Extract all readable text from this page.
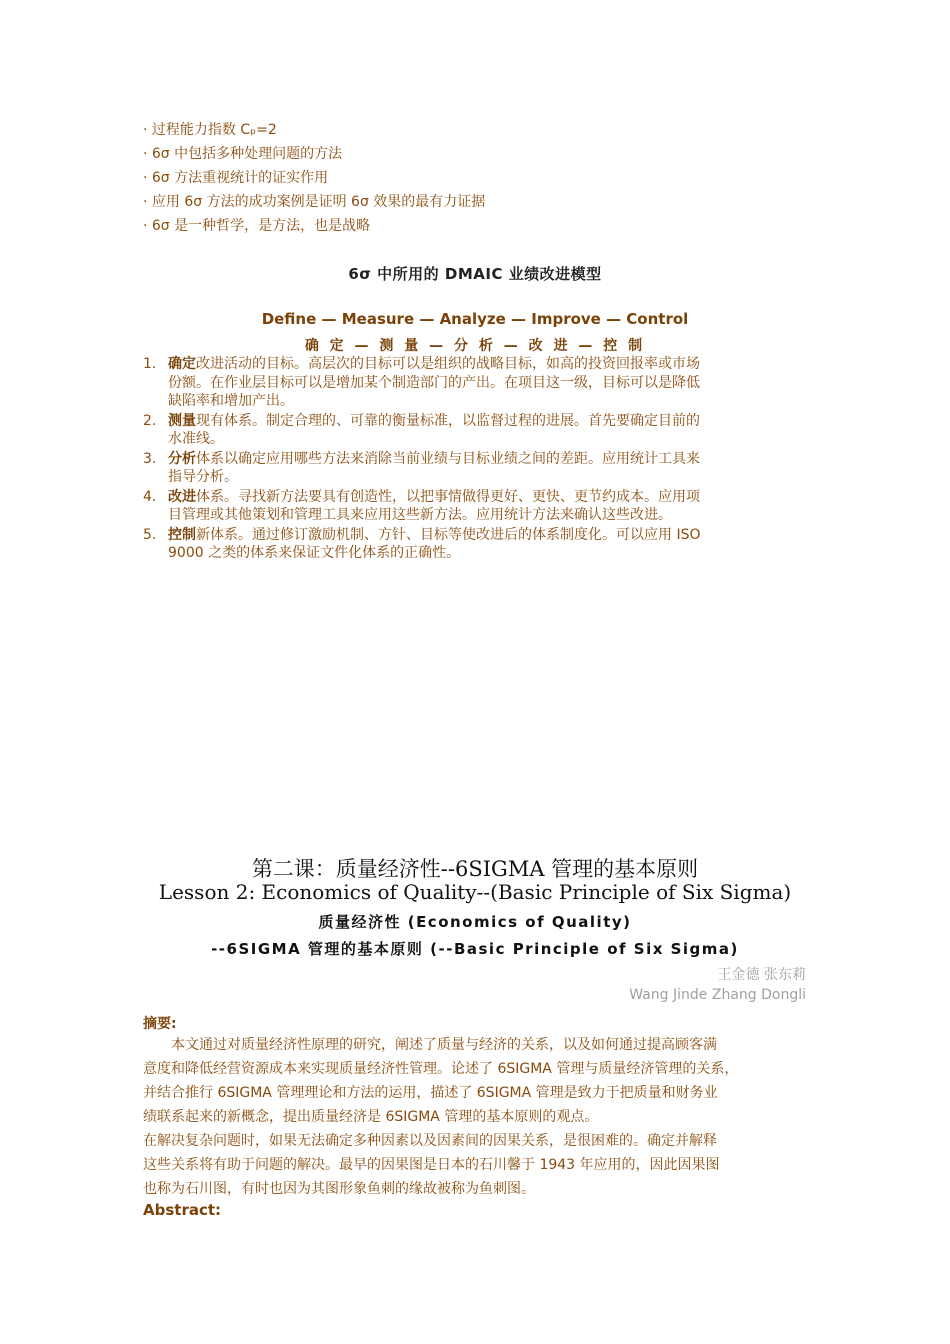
· 过程能力指数 Cₚ=2
· 6σ 中包括多种处理问题的方法
· 6σ 方法重视统计的证实作用
· 应用 6σ 方法的成功案例是证明 6σ 效果的最有力证据
· 6σ 是一种哲学，是方法，也是战略
6σ 中所用的 DMAIC 业绩改进模型
Define — Measure — Analyze — Improve — Control
确 定 — 测 量 — 分 析 — 改 进 — 控 制
1. 确定改进活动的目标。高层次的目标可以是组织的战略目标，如高的投资回报率或市场
份额。在作业层目标可以是增加某个制造部门的产出。在项目这一级，目标可以是降低
缺陷率和增加产出。
2. 测量现有体系。制定合理的、可靠的衡量标准，以监督过程的进展。首先要确定目前的
水准线。
3. 分析体系以确定应用哪些方法来消除当前业绩与目标业绩之间的差距。应用统计工具来
指导分析。
4. 改进体系。寻找新方法要具有创造性，以把事情做得更好、更快、更节约成本。应用项
目管理或其他策划和管理工具来应用这些新方法。应用统计方法来确认这些改进。
5. 控制新体系。通过修订激励机制、方针、目标等使改进后的体系制度化。可以应用 ISO
9000 之类的体系来保证文件化体系的正确性。
第二课：质量经济性--6SIGMA 管理的基本原则
Lesson 2: Economics of Quality--(Basic Principle of Six Sigma)
质量经济性 (Economics of Quality)
--6SIGMA 管理的基本原则 (--Basic Principle of Six Sigma)
王金德 张东莉
Wang Jinde Zhang Dongli
摘要:
　　本文通过对质量经济性原理的研究，阐述了质量与经济的关系，以及如何通过提高顾客满
意度和降低经营资源成本来实现质量经济性管理。论述了 6SIGMA 管理与质量经济管理的关系，
并结合推行 6SIGMA 管理理论和方法的运用，描述了 6SIGMA 管理是致力于把质量和财务业
绩联系起来的新概念，提出质量经济是 6SIGMA 管理的基本原则的观点。
在解决复杂问题时，如果无法确定多种因素以及因素间的因果关系，是很困难的。确定并解释
这些关系将有助于问题的解决。最早的因果图是日本的石川馨于 1943 年应用的，因此因果图
也称为石川图，有时也因为其图形象鱼刺的缘故被称为鱼刺图。
Abstract:
